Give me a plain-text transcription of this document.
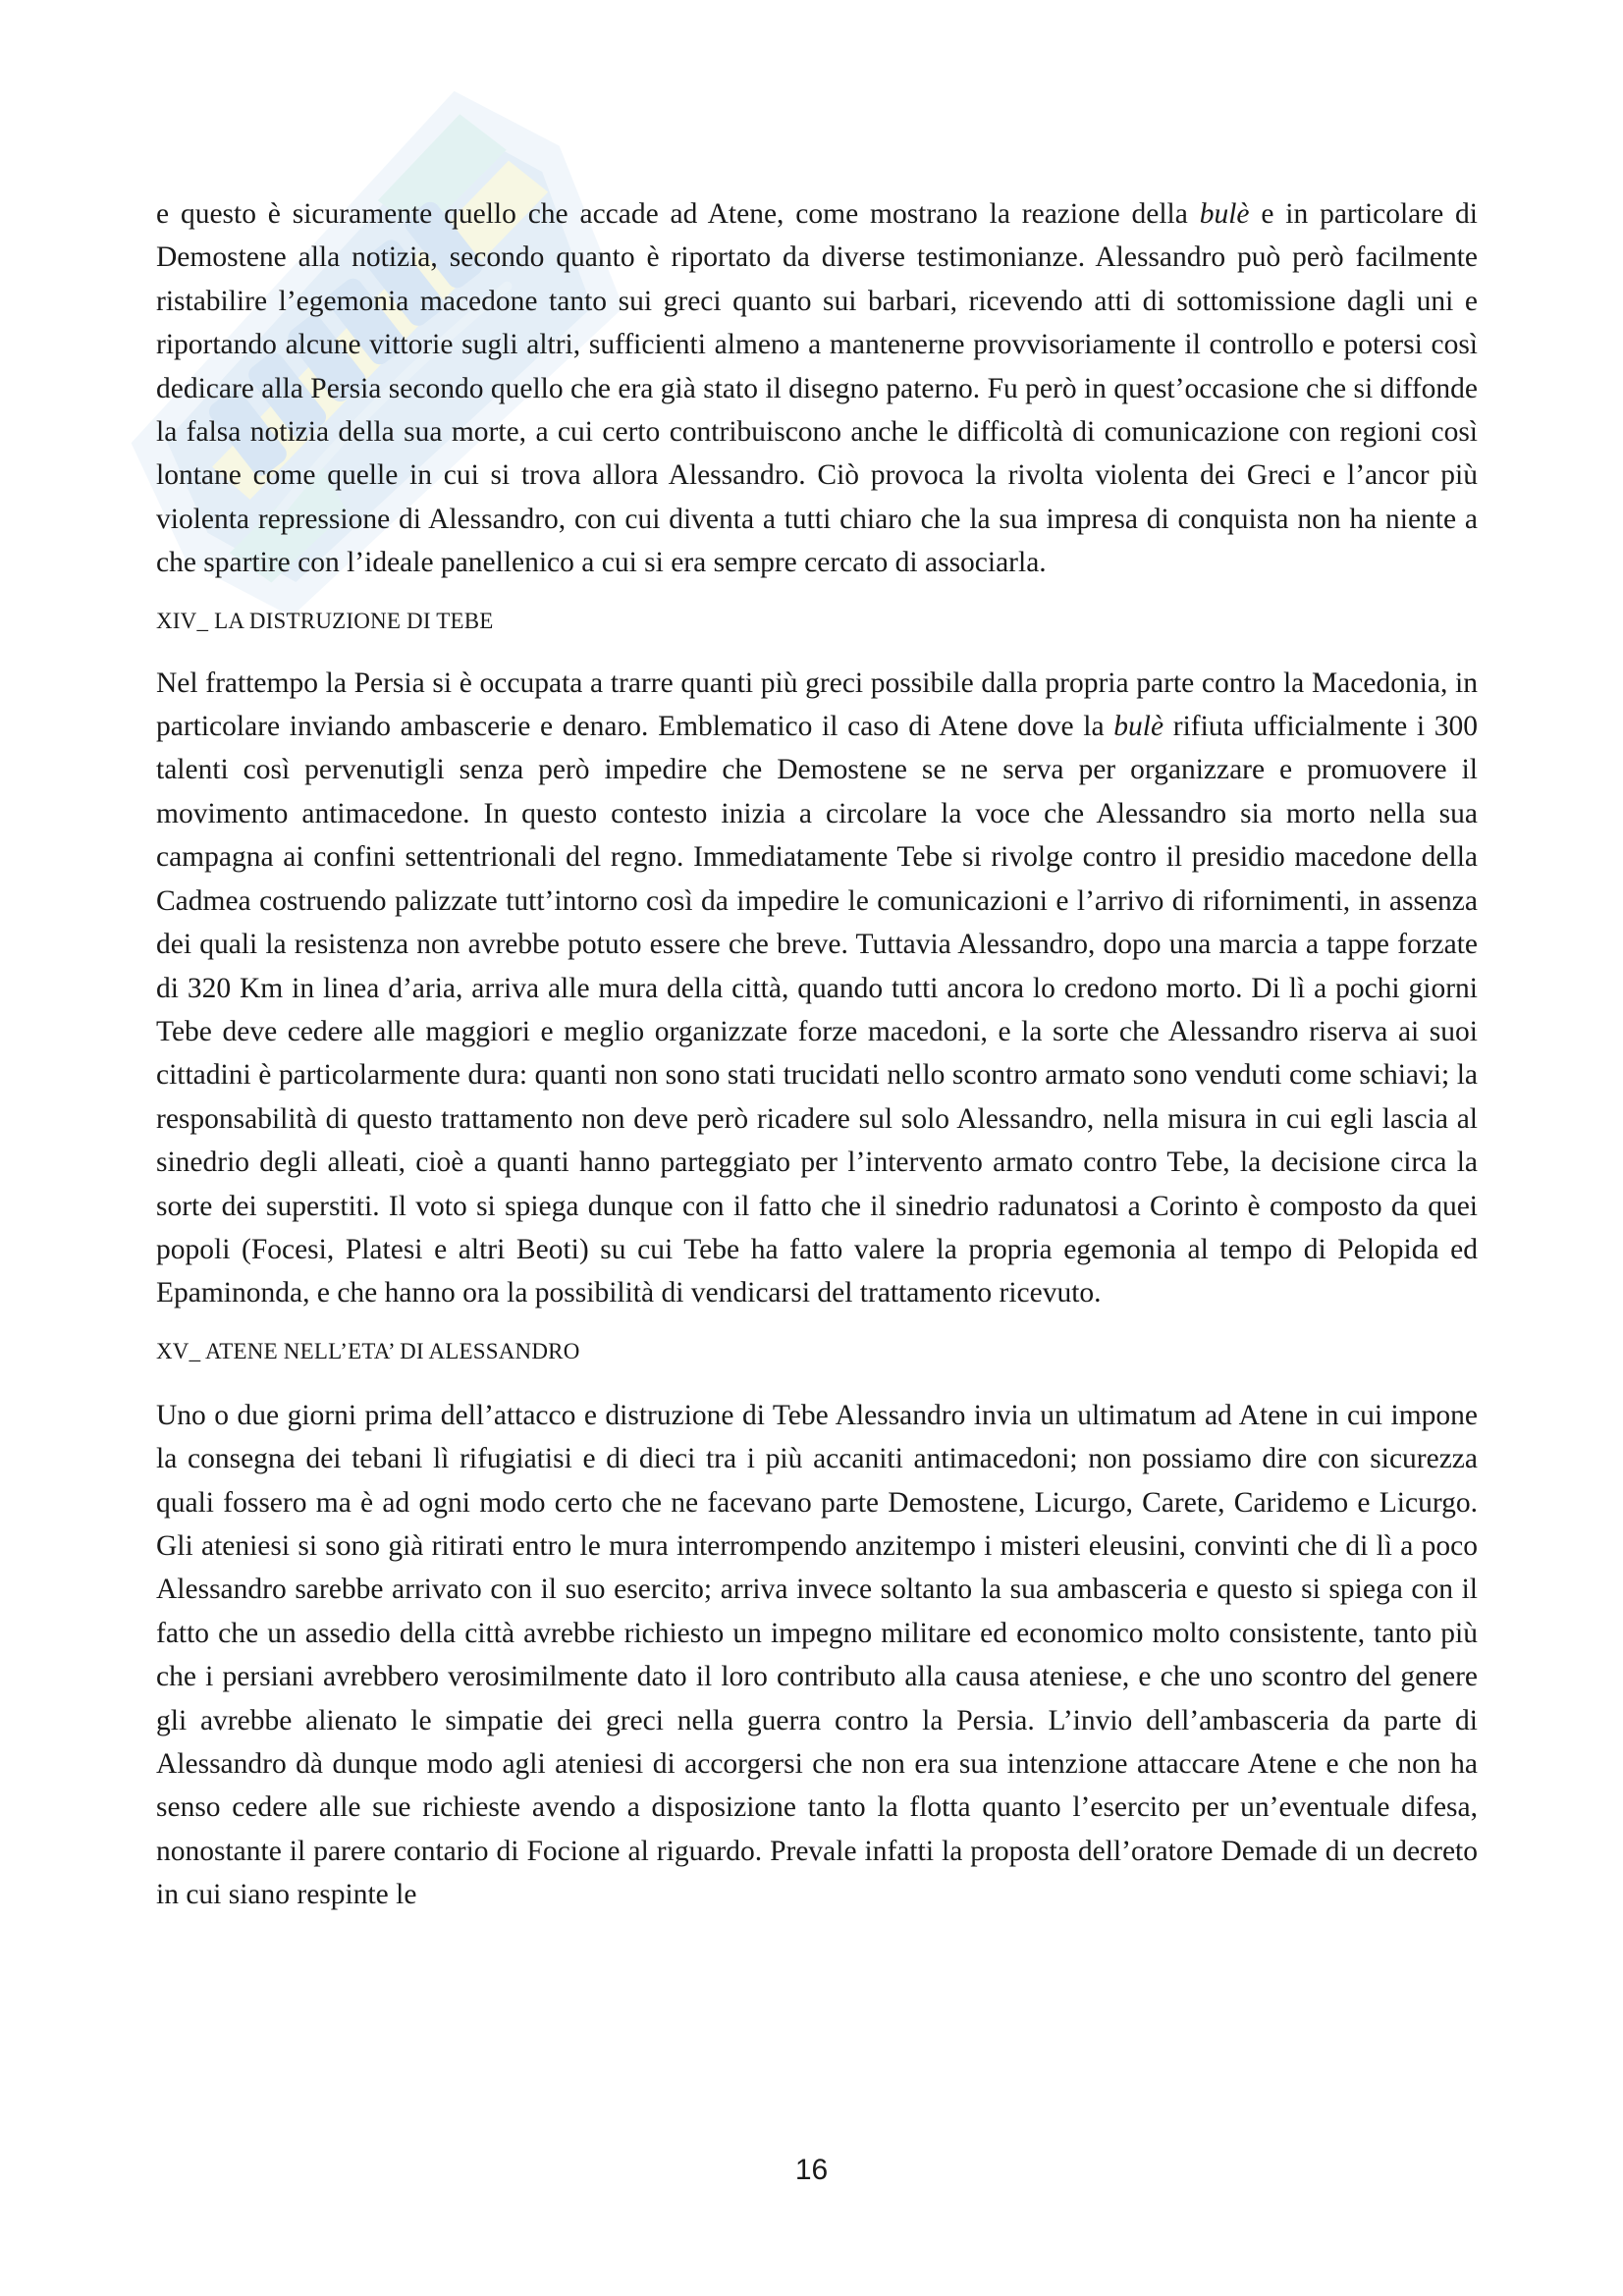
e questo è sicuramente quello che accade ad Atene, come mostrano la reazione della bulè e in particolare di Demostene alla notizia, secondo quanto è riportato da diverse testimonianze. Alessandro può però facilmente ristabilire l’egemonia macedone tanto sui greci quanto sui barbari, ricevendo atti di sottomissione dagli uni e riportando alcune vittorie sugli altri, sufficienti almeno a mantenerne provvisoriamente il controllo e potersi così dedicare alla Persia secondo quello che era già stato il disegno paterno. Fu però in quest’occasione che si diffonde la falsa notizia della sua morte, a cui certo contribuiscono anche le difficoltà di comunicazione con regioni così lontane come quelle in cui si trova allora Alessandro. Ciò provoca la rivolta violenta dei Greci e l’ancor più violenta repressione di Alessandro, con cui diventa a tutti chiaro che la sua impresa di conquista non ha niente a che spartire con l’ideale panellenico a cui si era sempre cercato di associarla.

XIV_ LA DISTRUZIONE DI TEBE

Nel frattempo la Persia si è occupata a trarre quanti più greci possibile dalla propria parte contro la Macedonia, in particolare inviando ambascerie e denaro. Emblematico il caso di Atene dove la bulè rifiuta ufficialmente i 300 talenti così pervenutigli senza però impedire che Demostene se ne serva per organizzare e promuovere il movimento antimacedone. In questo contesto inizia a circolare la voce che Alessandro sia morto nella sua campagna ai confini settentrionali del regno. Immediatamente Tebe si rivolge contro il presidio macedone della Cadmea costruendo palizzate tutt’intorno così da impedire le comunicazioni e l’arrivo di rifornimenti, in assenza dei quali la resistenza non avrebbe potuto essere che breve. Tuttavia Alessandro, dopo una marcia a tappe forzate di 320 Km in linea d’aria, arriva alle mura della città, quando tutti ancora lo credono morto. Di lì a pochi giorni Tebe deve cedere alle maggiori e meglio organizzate forze macedoni, e la sorte che Alessandro riserva ai suoi cittadini è particolarmente dura: quanti non sono stati trucidati nello scontro armato sono venduti come schiavi; la responsabilità di questo trattamento non deve però ricadere sul solo Alessandro, nella misura in cui egli lascia al sinedrio degli alleati, cioè a quanti hanno parteggiato per l’intervento armato contro Tebe, la decisione circa la sorte dei superstiti. Il voto si spiega dunque con il fatto che il sinedrio radunatosi a Corinto è composto da quei popoli (Focesi, Platesi e altri Beoti) su cui Tebe ha fatto valere la propria egemonia al tempo di Pelopida ed Epaminonda, e che hanno ora la possibilità di vendicarsi del trattamento ricevuto.

XV_ ATENE NELL’ETA’ DI ALESSANDRO

Uno o due giorni prima dell’attacco e distruzione di Tebe Alessandro invia un ultimatum ad Atene in cui impone la consegna dei tebani lì rifugiatisi e di dieci tra i più accaniti antimacedoni; non possiamo dire con sicurezza quali fossero ma è ad ogni modo certo che ne facevano parte Demostene, Licurgo, Carete, Caridemo e Licurgo. Gli ateniesi si sono già ritirati entro le mura interrompendo anzitempo i misteri eleusini, convinti che di lì a poco Alessandro sarebbe arrivato con il suo esercito; arriva invece soltanto la sua ambasceria e questo si spiega con il fatto che un assedio della città avrebbe richiesto un impegno militare ed economico molto consistente, tanto più che i persiani avrebbero verosimilmente dato il loro contributo alla causa ateniese, e che uno scontro del genere gli avrebbe alienato le simpatie dei greci nella guerra contro la Persia. L’invio dell’ambasceria da parte di Alessandro dà dunque modo agli ateniesi di accorgersi che non era sua intenzione attaccare Atene e che non ha senso cedere alle sue richieste avendo a disposizione tanto la flotta quanto l’esercito per un’eventuale difesa, nonostante il parere contario di Focione al riguardo. Prevale infatti la proposta dell’oratore Demade di un decreto in cui siano respinte le

16
